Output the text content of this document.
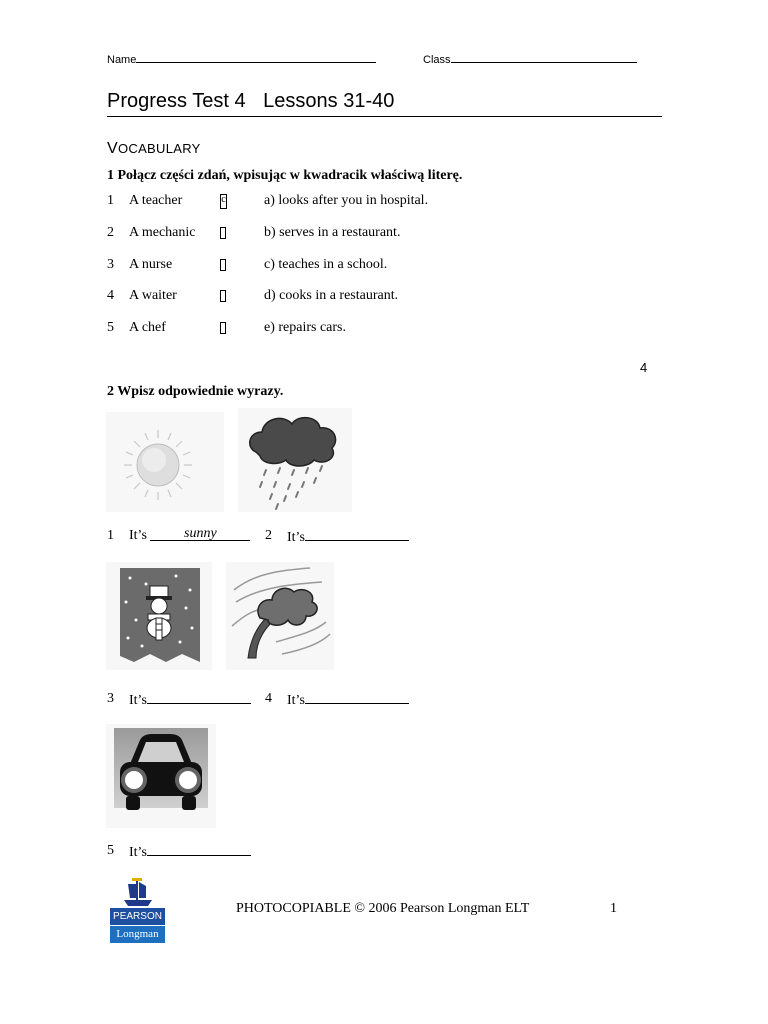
Name	Class
Progress Test 4 Lessons 31-40
VOCABULARY
1 Połącz części zdań, wpisując w kwadracik właściwą literę.
1 A teacher	c	a) looks after you in hospital.
2 A mechanic	b) serves in a restaurant.
3 A nurse	c) teaches in a school.
4 A waiter	d) cooks in a restaurant.
5 A chef	e) repairs cars.
4
2 Wpisz odpowiednie wyrazy.
1 It’s	sunny	2 It’s
3 It’s	4 It’s
5 It’s
PEARSON
Longman
PHOTOCOPIABLE © 2006 Pearson Longman ELT	1
